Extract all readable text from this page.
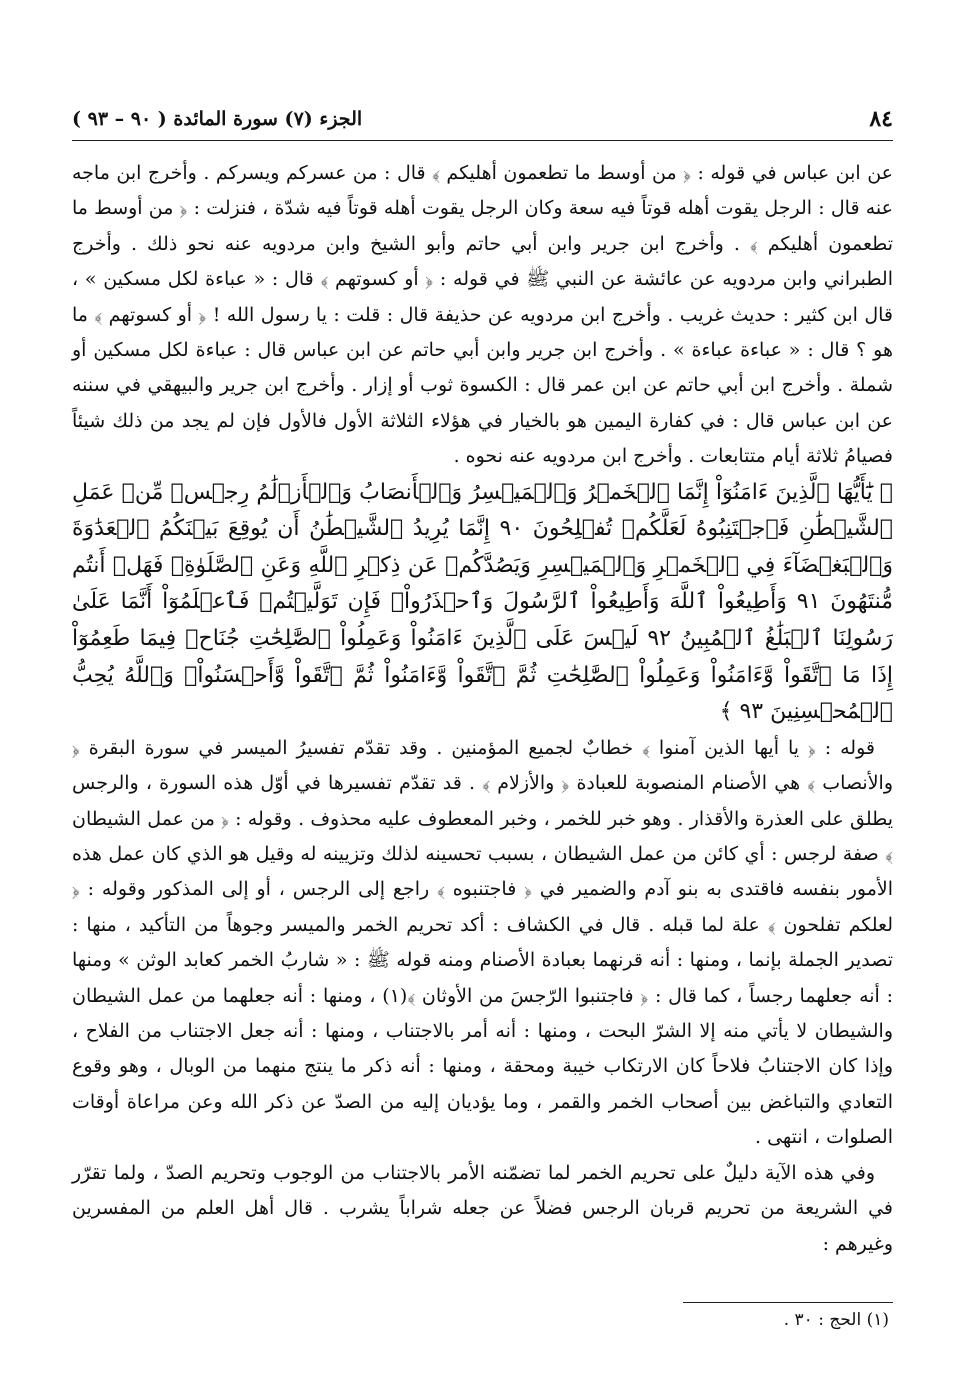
٨٤
الجزء (٧) سورة المائدة ( ٩٠ – ٩٣ )

عن ابن عباس في قوله : ﴿ من أوسط ما تطعمون أهليكم ﴾ قال : من عسركم ويسركم . وأخرج ابن ماجه عنه قال : الرجل يقوت أهله قوتاً فيه سعة وكان الرجل يقوت أهله قوتاً فيه شدّة ، فنزلت : ﴿ من أوسط ما تطعمون أهليكم ﴾ . وأخرج ابن جرير وابن أبي حاتم وأبو الشيخ وابن مردويه عنه نحو ذلك . وأخرج الطبراني وابن مردويه عن عائشة عن النبي ﷺ في قوله : ﴿ أو كسوتهم ﴾ قال : « عباءة لكل مسكين » ، قال ابن كثير : حديث غريب . وأخرج ابن مردويه عن حذيفة قال : قلت : يا رسول الله ! ﴿ أو كسوتهم ﴾ ما هو ؟ قال : « عباءة عباءة » . وأخرج ابن جرير وابن أبي حاتم عن ابن عباس قال : عباءة لكل مسكين أو شملة . وأخرج ابن أبي حاتم عن ابن عمر قال : الكسوة ثوب أو إزار . وأخرج ابن جرير والبيهقي في سننه عن ابن عباس قال : في كفارة اليمين هو بالخيار في هؤلاء الثلاثة الأول فالأول فإن لم يجد من ذلك شيئاً فصيامُ ثلاثة أيام متتابعات . وأخرج ابن مردويه عنه نحوه .

﴿ يَٰٓأَيُّهَا ٱلَّذِينَ ءَامَنُوٓاْ إِنَّمَا ٱلۡخَمۡرُ وَٱلۡمَيۡسِرُ وَٱلۡأَنصَابُ وَٱلۡأَزۡلَٰمُ رِجۡسٞ مِّنۡ عَمَلِ ٱلشَّيۡطَٰنِ فَٱجۡتَنِبُوهُ لَعَلَّكُمۡ تُفۡلِحُونَ ٩٠ إِنَّمَا يُرِيدُ ٱلشَّيۡطَٰنُ أَن يُوقِعَ بَيۡنَكُمُ ٱلۡعَدَٰوَةَ وَٱلۡبَغۡضَآءَ فِي ٱلۡخَمۡرِ وَٱلۡمَيۡسِرِ وَيَصُدَّكُمۡ عَن ذِكۡرِ ٱللَّهِ وَعَنِ ٱلصَّلَوٰةِۖ فَهَلۡ أَنتُم مُّنتَهُونَ ٩١ وَأَطِيعُواْ ٱللَّهَ وَأَطِيعُواْ ٱلرَّسُولَ وَٱحۡذَرُواْۚ فَإِن تَوَلَّيۡتُمۡ فَٱعۡلَمُوٓاْ أَنَّمَا عَلَىٰ رَسُولِنَا ٱلۡبَلَٰغُ ٱلۡمُبِينُ ٩٢ لَيۡسَ عَلَى ٱلَّذِينَ ءَامَنُواْ وَعَمِلُواْ ٱلصَّٰلِحَٰتِ جُنَاحٞ فِيمَا طَعِمُوٓاْ إِذَا مَا ٱتَّقَواْ وَّءَامَنُواْ وَعَمِلُواْ ٱلصَّٰلِحَٰتِ ثُمَّ ٱتَّقَواْ وَّءَامَنُواْ ثُمَّ ٱتَّقَواْ وَّأَحۡسَنُواْۚ وَٱللَّهُ يُحِبُّ ٱلۡمُحۡسِنِينَ ٩٣ ﴾

قوله : ﴿ يا أيها الذين آمنوا ﴾ خطابٌ لجميع المؤمنين . وقد تقدّم تفسيرُ الميسر في سورة البقرة ﴿ والأنصاب ﴾ هي الأصنام المنصوبة للعبادة ﴿ والأزلام ﴾ . قد تقدّم تفسيرها في أوّل هذه السورة ، والرجس يطلق على العذرة والأقذار . وهو خبر للخمر ، وخبر المعطوف عليه محذوف . وقوله : ﴿ من عمل الشيطان ﴾ صفة لرجس : أي كائن من عمل الشيطان ، بسبب تحسينه لذلك وتزيينه له وقيل هو الذي كان عمل هذه الأمور بنفسه فاقتدى به بنو آدم والضمير في ﴿ فاجتنبوه ﴾ راجع إلى الرجس ، أو إلى المذكور وقوله : ﴿ لعلكم تفلحون ﴾ علة لما قبله . قال في الكشاف : أكد تحريم الخمر والميسر وجوهاً من التأكيد ، منها : تصدير الجملة بإنما ، ومنها : أنه قرنهما بعبادة الأصنام ومنه قوله ﷺ : « شاربُ الخمر كعابد الوثن » ومنها : أنه جعلهما رجساً ، كما قال : ﴿ فاجتنبوا الرّجسَ من الأوثان ﴾(١) ، ومنها : أنه جعلهما من عمل الشيطان والشيطان لا يأتي منه إلا الشرّ البحت ، ومنها : أنه أمر بالاجتناب ، ومنها : أنه جعل الاجتناب من الفلاح ، وإذا كان الاجتنابُ فلاحاً كان الارتكاب خيبة ومحقة ، ومنها : أنه ذكر ما ينتج منهما من الوبال ، وهو وقوع التعادي والتباغض بين أصحاب الخمر والقمر ، وما يؤديان إليه من الصدّ عن ذكر الله وعن مراعاة أوقات الصلوات ، انتهى .

وفي هذه الآية دليلٌ على تحريم الخمر لما تضمّنه الأمر بالاجتناب من الوجوب وتحريم الصدّ ، ولما تقرّر في الشريعة من تحريم قربان الرجس فضلاً عن جعله شراباً يشرب . قال أهل العلم من المفسرين وغيرهم :

(١) الحج : ٣٠ .
